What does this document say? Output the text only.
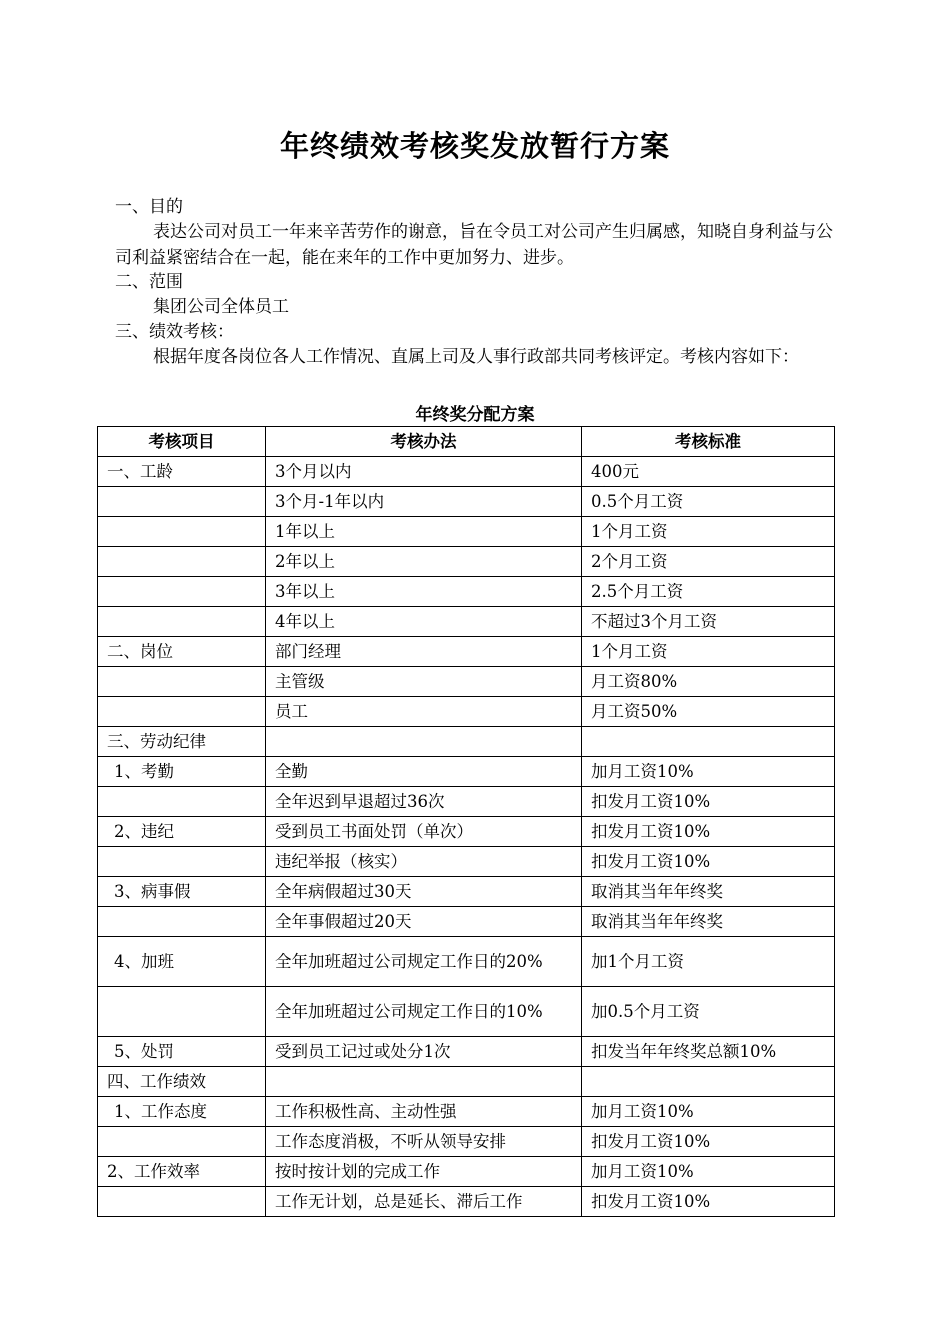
年终绩效考核奖发放暂行方案
一、目的
表达公司对员工一年来辛苦劳作的谢意，旨在令员工对公司产生归属感，知晓自身利益与公司利益紧密结合在一起，能在来年的工作中更加努力、进步。
二、范围
集团公司全体员工
三、绩效考核：
根据年度各岗位各人工作情况、直属上司及人事行政部共同考核评定。考核内容如下：
年终奖分配方案
考核项目	考核办法	考核标准
一、工龄	3个月以内	400元
	3个月-1年以内	0.5个月工资
	1年以上	1个月工资
	2年以上	2个月工资
	3年以上	2.5个月工资
	4年以上	不超过3个月工资
二、岗位	部门经理	1个月工资
	主管级	月工资80%
	员工	月工资50%
三、劳动纪律		
1、考勤	全勤	加月工资10%
	全年迟到早退超过36次	扣发月工资10%
2、违纪	受到员工书面处罚（单次）	扣发月工资10%
	违纪举报（核实）	扣发月工资10%
3、病事假	全年病假超过30天	取消其当年年终奖
	全年事假超过20天	取消其当年年终奖
4、加班	全年加班超过公司规定工作日的20%	加1个月工资
	全年加班超过公司规定工作日的10%	加0.5个月工资
5、处罚	受到员工记过或处分1次	扣发当年年终奖总额10%
四、工作绩效		
1、工作态度	工作积极性高、主动性强	加月工资10%
	工作态度消极，不听从领导安排	扣发月工资10%
2、工作效率	按时按计划的完成工作	加月工资10%
	工作无计划，总是延长、滞后工作	扣发月工资10%
